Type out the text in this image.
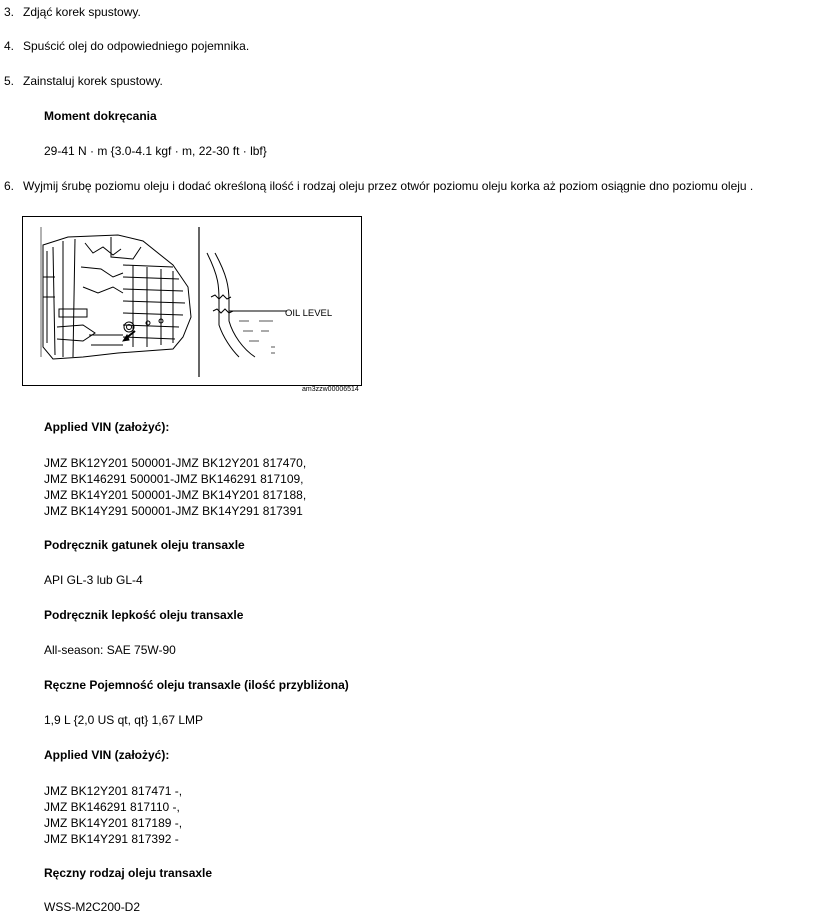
3. Zdjąć korek spustowy.
4. Spuścić olej do odpowiedniego pojemnika.
5. Zainstaluj korek spustowy.
Moment dokręcania
29-41 N · m {3.0-4.1 kgf · m, 22-30 ft · lbf}
6. Wyjmij śrubę poziomu oleju i dodać określoną ilość i rodzaj oleju przez otwór poziomu oleju korka aż poziom osiągnie dno poziomu oleju .
OIL LEVEL
am3zzw00006514
Applied VIN (założyć):
JMZ BK12Y201 500001-JMZ BK12Y201 817470,
JMZ BK146291 500001-JMZ BK146291 817109,
JMZ BK14Y201 500001-JMZ BK14Y201 817188,
JMZ BK14Y291 500001-JMZ BK14Y291 817391
Podręcznik gatunek oleju transaxle
API GL-3 lub GL-4
Podręcznik lepkość oleju transaxle
All-season: SAE 75W-90
Ręczne Pojemność oleju transaxle (ilość przybliżona)
1,9 L {2,0 US qt, qt} 1,67 LMP
Applied VIN (założyć):
JMZ BK12Y201 817471 -,
JMZ BK146291 817110 -,
JMZ BK14Y201 817189 -,
JMZ BK14Y291 817392 -
Ręczny rodzaj oleju transaxle
WSS-M2C200-D2
